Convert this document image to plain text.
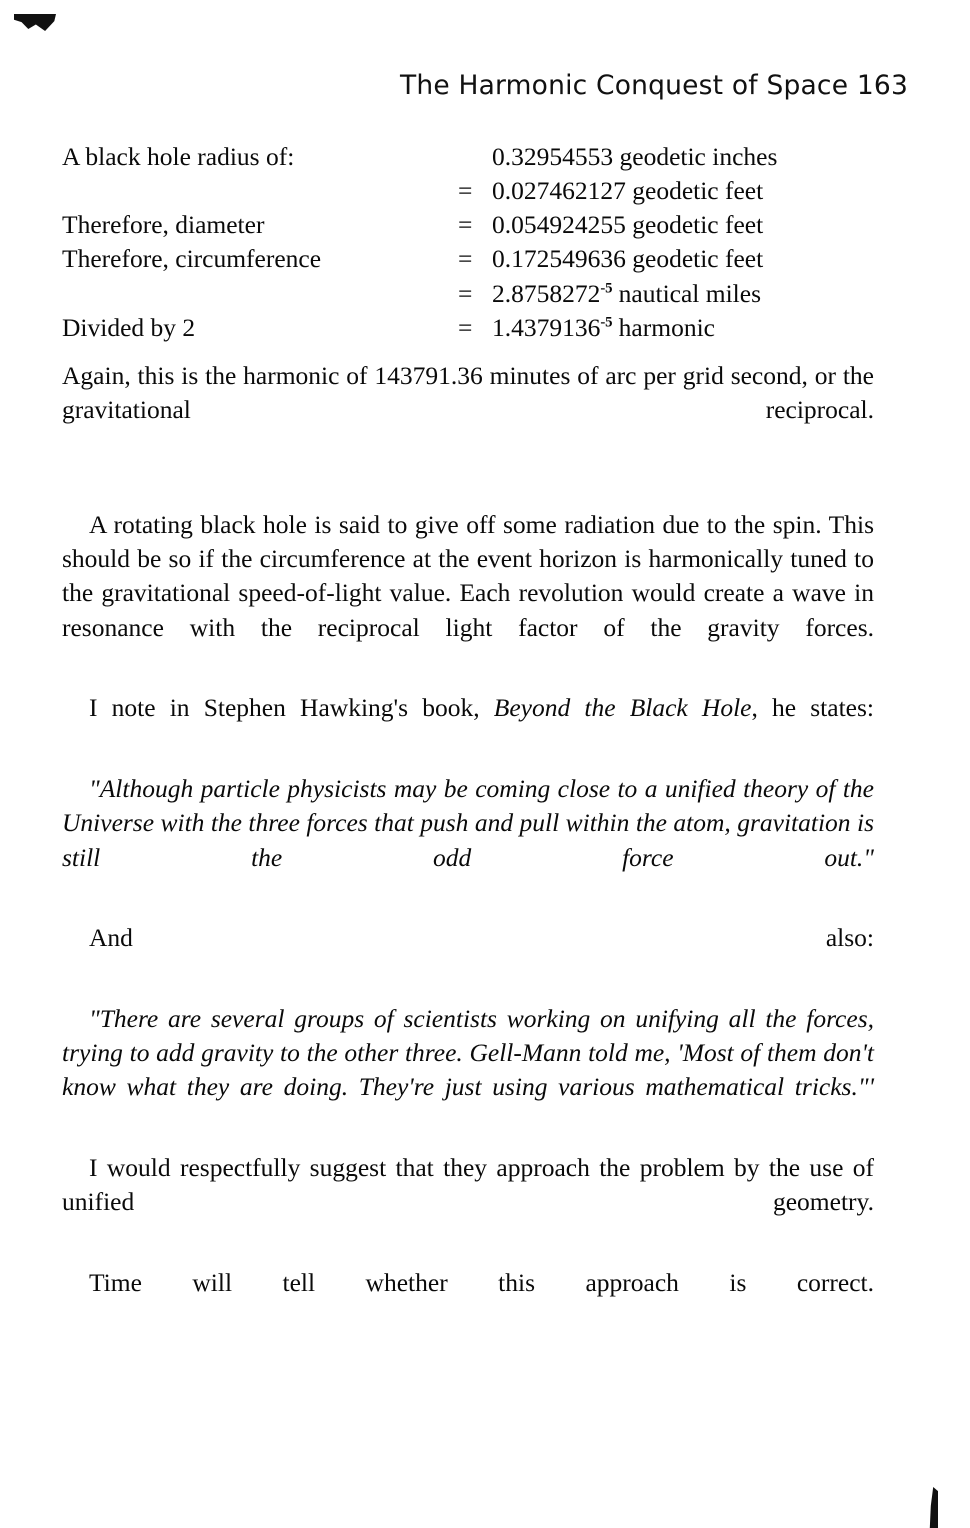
The Harmonic Conquest of Space 163
A black hole radius of:		0.32954553 geodetic inches
	=	0.027462127 geodetic feet
Therefore, diameter	=	0.054924255 geodetic feet
Therefore, circumference	=	0.172549636 geodetic feet
	=	$2.8758272^{-5}$ nautical miles
Divided by 2	=	$1.4379136^{-5}$ harmonic

Again, this is the harmonic of 143791.36 minutes of arc per grid second, or the gravitational reciprocal.

A rotating black hole is said to give off some radiation due to the spin. This should be so if the circumference at the event horizon is harmonically tuned to the gravitational speed-of-light value. Each revolution would create a wave in resonance with the reciprocal light factor of the gravity forces.

I note in Stephen Hawking's book, Beyond the Black Hole, he states:

"Although particle physicists may be coming close to a unified theory of the Universe with the three forces that push and pull within the atom, gravitation is still the odd force out."

And also:

"There are several groups of scientists working on unifying all the forces, trying to add gravity to the other three. Gell-Mann told me, 'Most of them don't know what they are doing. They're just using various mathematical tricks."'

I would respectfully suggest that they approach the problem by the use of unified geometry.

Time will tell whether this approach is correct.
